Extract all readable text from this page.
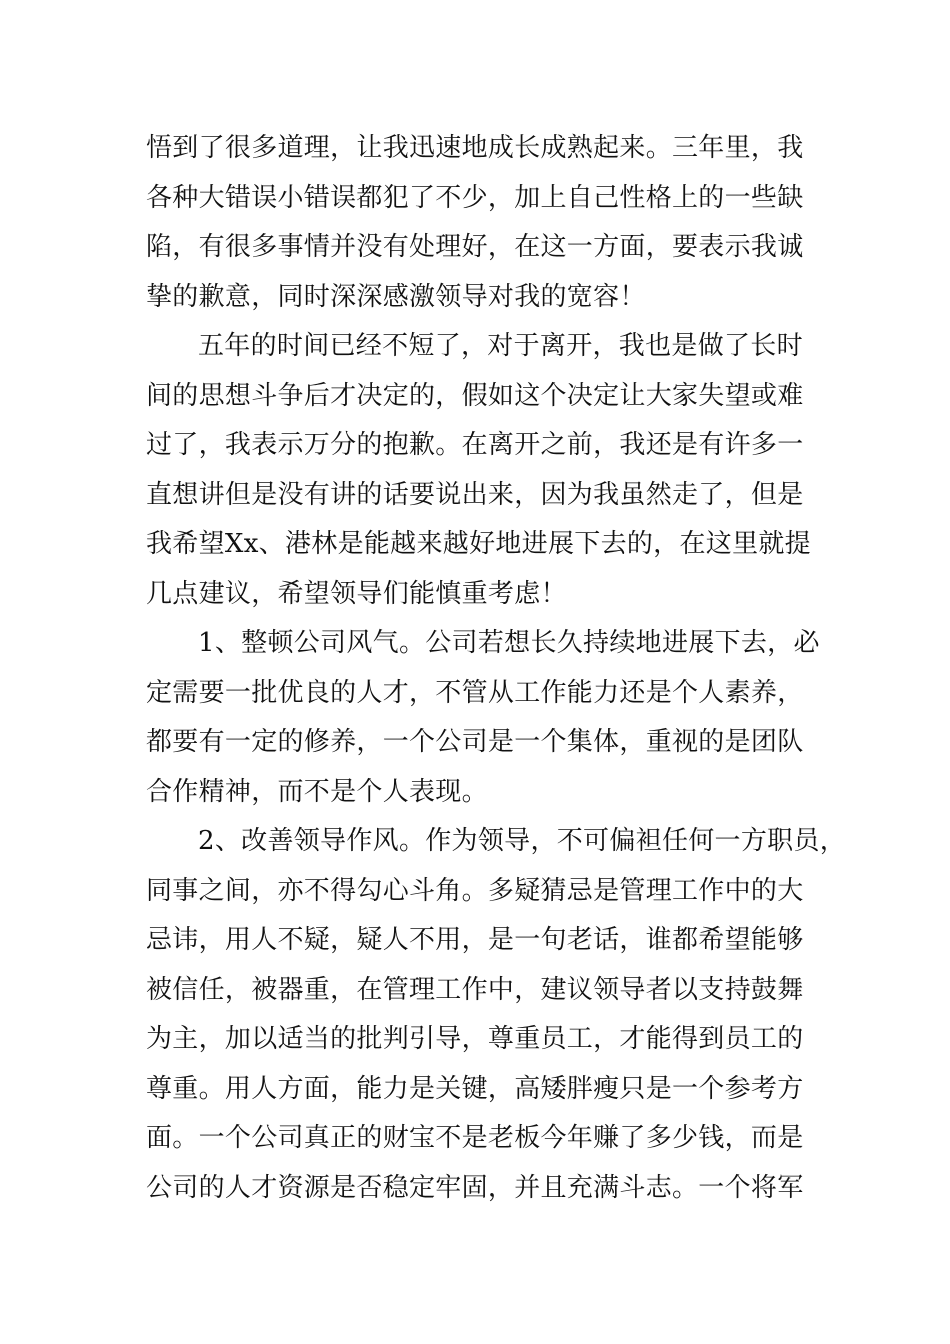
悟到了很多道理，让我迅速地成长成熟起来。三年里，我
各种大错误小错误都犯了不少，加上自己性格上的一些缺
陷，有很多事情并没有处理好，在这一方面，要表示我诚
挚的歉意，同时深深感激领导对我的宽容！
五年的时间已经不短了，对于离开，我也是做了长时
间的思想斗争后才决定的，假如这个决定让大家失望或难
过了，我表示万分的抱歉。在离开之前，我还是有许多一
直想讲但是没有讲的话要说出来，因为我虽然走了，但是
我希望Xx、港林是能越来越好地进展下去的，在这里就提
几点建议，希望领导们能慎重考虑！
1、整顿公司风气。公司若想长久持续地进展下去，必
定需要一批优良的人才，不管从工作能力还是个人素养，
都要有一定的修养，一个公司是一个集体，重视的是团队
合作精神，而不是个人表现。
2、改善领导作风。作为领导，不可偏袒任何一方职员，
同事之间，亦不得勾心斗角。多疑猜忌是管理工作中的大
忌讳，用人不疑，疑人不用，是一句老话，谁都希望能够
被信任，被器重，在管理工作中，建议领导者以支持鼓舞
为主，加以适当的批判引导，尊重员工，才能得到员工的
尊重。用人方面，能力是关键，高矮胖瘦只是一个参考方
面。一个公司真正的财宝不是老板今年赚了多少钱，而是
公司的人才资源是否稳定牢固，并且充满斗志。一个将军
